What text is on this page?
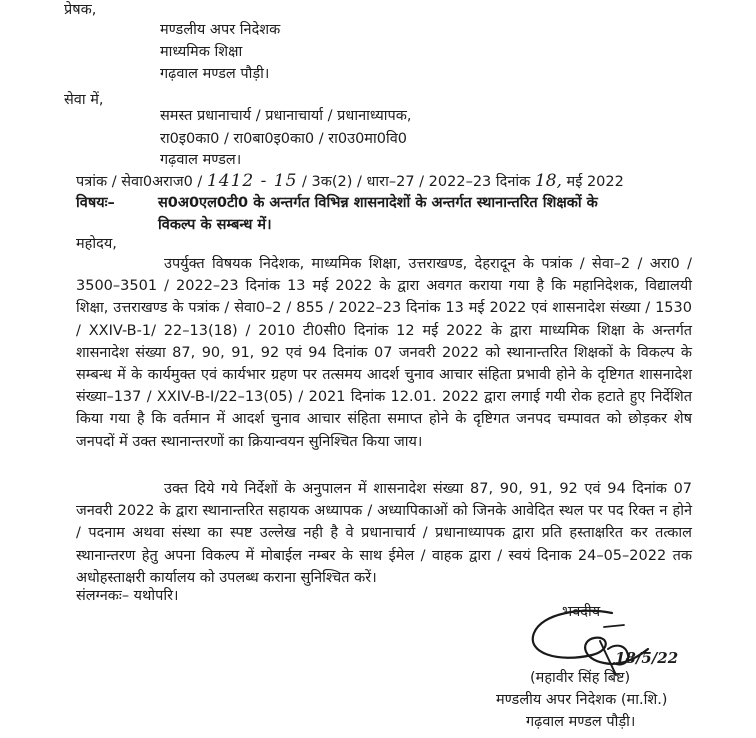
प्रेषक,
मण्डलीय अपर निदेशक
माध्यमिक शिक्षा
गढ़वाल मण्डल पौड़ी।
सेवा में,
समस्त प्रधानाचार्य / प्रधानाचार्या / प्रधानाध्यापक,
रा0इ0का0 / रा0बा0इ0का0 / रा0उ0मा0वि0
गढ़वाल मण्डल।
पत्रांक / सेवा0अराज0 / 1412 - 15 / 3क(2) / धारा–27 / 2022–23 दिनांक 18, मई 2022
विषयः–	स0अ0एल0टी0 के अन्तर्गत विभिन्न शासनादेशों के अन्तर्गत स्थानान्तरित शिक्षकों के
विकल्प के सम्बन्ध में।
महोदय,

उपर्युक्त विषयक निदेशक, माध्यमिक शिक्षा, उत्तराखण्ड, देहरादून के पत्रांक / सेवा–2 / अरा0 / 3500–3501 / 2022–23 दिनांक 13 मई 2022 के द्वारा अवगत कराया गया है कि महानिदेशक, विद्यालयी शिक्षा, उत्तराखण्ड के पत्रांक / सेवा0–2 / 855 / 2022–23 दिनांक 13 मई 2022 एवं शासनादेश संख्या / 1530 / XXIV-B-1/ 22–13(18) / 2010 टी0सी0 दिनांक 12 मई 2022 के द्वारा माध्यमिक शिक्षा के अन्तर्गत शासनादेश संख्या 87, 90, 91, 92 एवं 94 दिनांक 07 जनवरी 2022 को स्थानान्तरित शिक्षकों के विकल्प के सम्बन्ध में के कार्यमुक्त एवं कार्यभार ग्रहण पर तत्समय आदर्श चुनाव आचार संहिता प्रभावी होने के दृष्टिगत शासनादेश संख्या–137 / XXIV-B-I/22–13(05) / 2021 दिनांक 12.01. 2022 द्वारा लगाई गयी रोक हटाते हुए निर्देशित किया गया है कि वर्तमान में आदर्श चुनाव आचार संहिता समाप्त होने के दृष्टिगत जनपद चम्पावत को छोड़कर शेष जनपदों में उक्त स्थानान्तरणों का क्रियान्वयन सुनिश्चित किया जाय।

उक्त दिये गये निर्देशों के अनुपालन में शासनादेश संख्या 87, 90, 91, 92 एवं 94 दिनांक 07 जनवरी 2022 के द्वारा स्थानान्तरित सहायक अध्यापक / अध्यापिकाओं को जिनके आवेदित स्थल पर पद रिक्त न होने / पदनाम अथवा संस्था का स्पष्ट उल्लेख नही है वे प्रधानाचार्य / प्रधानाध्यापक द्वारा प्रति हस्ताक्षरित कर तत्काल स्थानान्तरण हेतु अपना विकल्प में मोबाईल नम्बर के साथ ईमेल / वाहक द्वारा / स्वयं दिनाक 24–05–2022 तक अधोहस्ताक्षरी कार्यालय को उपलब्ध कराना सुनिश्चित करें।

संलग्नकः– यथोपरि।
भवदीय
18/5/22
(महावीर सिंह बिष्ट)
मण्डलीय अपर निदेशक (मा.शि.)
गढ़वाल मण्डल पौड़ी।
